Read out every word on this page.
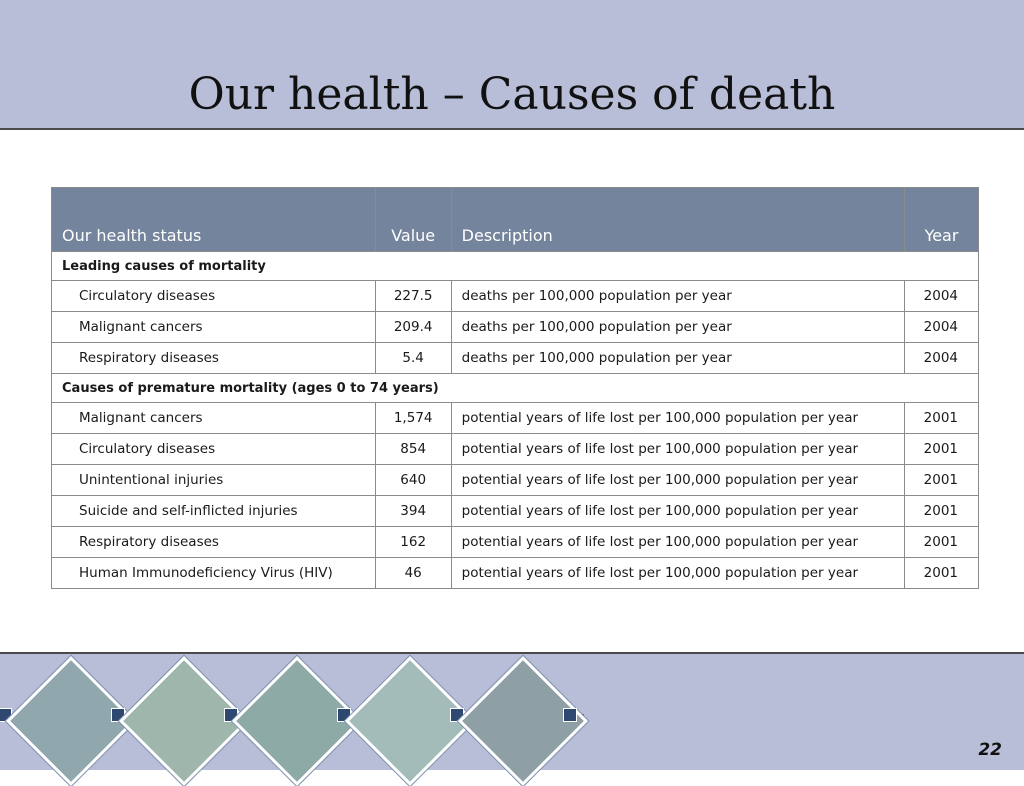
Our health – Causes of death
Our health status	Value	Description	Year
Leading causes of mortality			
Circulatory diseases	227.5	deaths per 100,000 population per year	2004
Malignant cancers	209.4	deaths per 100,000 population per year	2004
Respiratory diseases	5.4	deaths per 100,000 population per year	2004
Causes of premature mortality (ages 0 to 74 years)			
Malignant cancers	1,574	potential years of life lost per 100,000 population per year	2001
Circulatory diseases	854	potential years of life lost per 100,000 population per year	2001
Unintentional injuries	640	potential years of life lost per 100,000 population per year	2001
Suicide and self-inflicted injuries	394	potential years of life lost per 100,000 population per year	2001
Respiratory diseases	162	potential years of life lost per 100,000 population per year	2001
Human Immunodeficiency Virus (HIV)	46	potential years of life lost per 100,000 population per year	2001
22
